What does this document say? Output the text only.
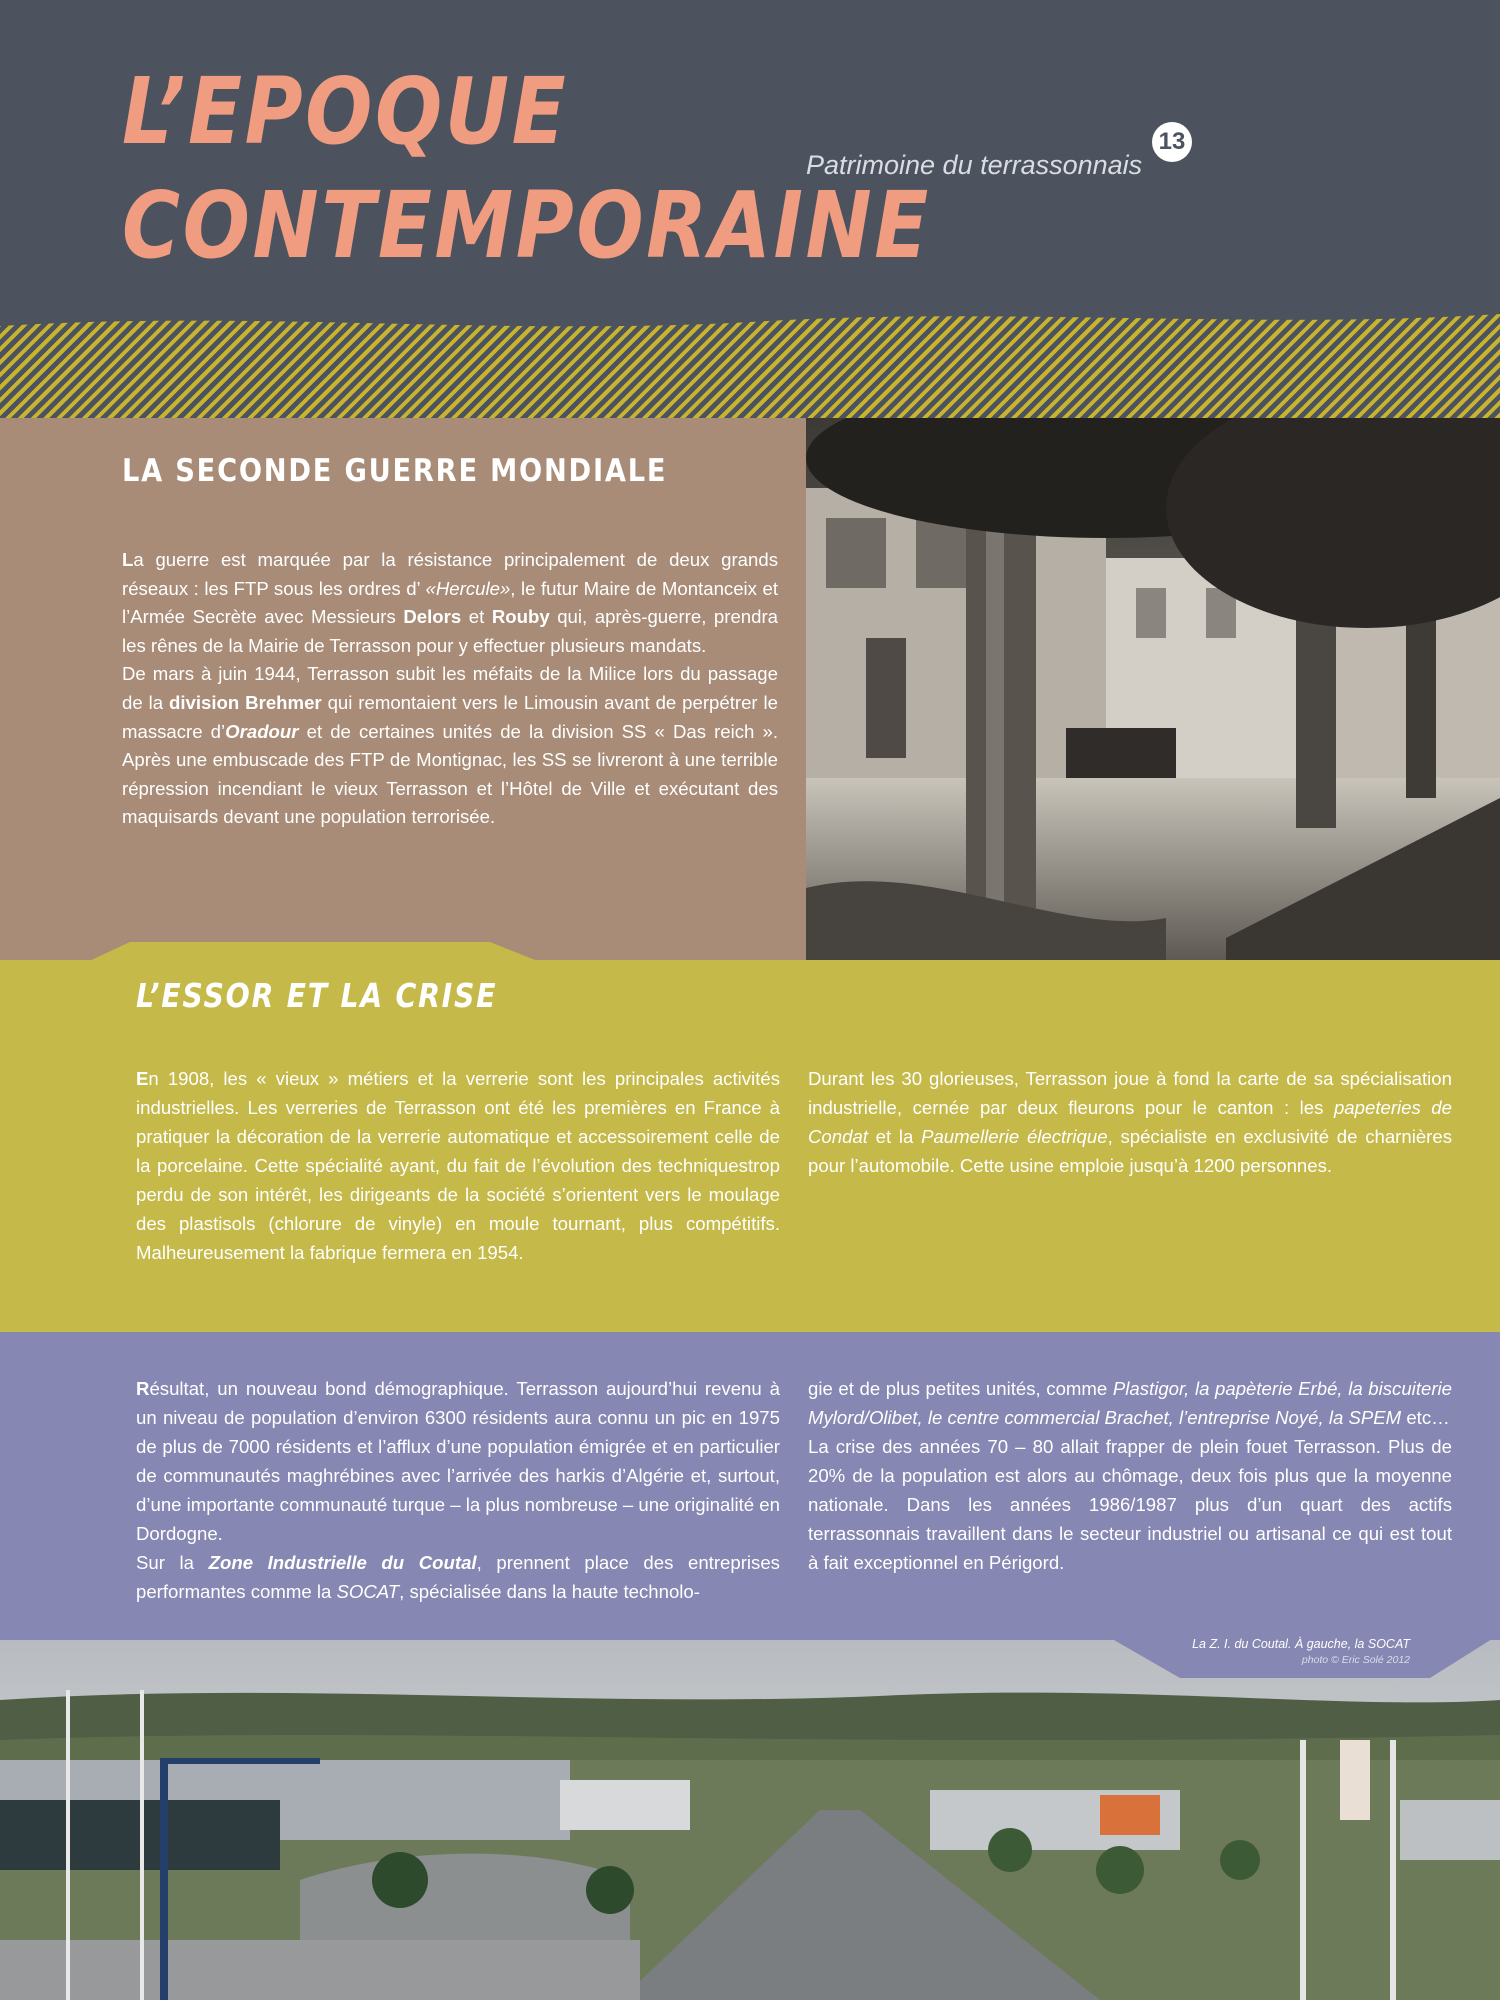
L’EPOQUE
CONTEMPORAINE
Patrimoine du terrassonnais
13
LA SECONDE GUERRE MONDIALE

La guerre est marquée par la résistance principalement de deux grands réseaux : les FTP sous les ordres d’ «Hercule», le futur Maire de Montanceix et l’Armée Secrète avec Messieurs Delors et Rouby qui, après-guerre, prendra les rênes de la Mairie de Terrasson pour y effectuer plusieurs mandats.

De mars à juin 1944, Terrasson subit les méfaits de la Milice lors du passage de la division Brehmer qui remontaient vers le Limousin avant de perpétrer le massacre d’Oradour et de certaines unités de la division SS « Das reich ». Après une embuscade des FTP de Montignac, les SS se livreront à une terrible répression incendiant le vieux Terrasson et l’Hôtel de Ville et exécutant des maquisards devant une population terrorisée.

L’ESSOR ET LA CRISE
En 1908, les « vieux » métiers et la verrerie sont les principales activités industrielles. Les verreries de Terrasson ont été les premières en France à pratiquer la décoration de la verrerie automatique et accessoirement celle de la porcelaine. Cette spécialité ayant, du fait de l’évolution des techniquestrop perdu de son intérêt, les dirigeants de la société s’orientent vers le moulage des plastisols (chlorure de vinyle) en moule tournant, plus compétitifs. Malheureusement la fabrique fermera en 1954.
Durant les 30 glorieuses, Terrasson joue à fond la carte de sa spécialisation industrielle, cernée par deux fleurons pour le canton : les papeteries de Condat et la Paumellerie électrique, spécialiste en exclusivité de charnières pour l’automobile. Cette usine emploie jusqu’à 1200 personnes.
Résultat, un nouveau bond démographique. Terrasson aujourd’hui revenu à un niveau de population d’environ 6300 résidents aura connu un pic en 1975 de plus de 7000 résidents et l’afflux d’une population émigrée et en particulier de communautés maghrébines avec l’arrivée des harkis d’Algérie et, surtout, d’une importante communauté turque – la plus nombreuse – une originalité en Dordogne.
Sur la Zone Industrielle du Coutal, prennent place des entreprises performantes comme la SOCAT, spécialisée dans la haute technolo-
gie et de plus petites unités, comme Plastigor, la papèterie Erbé, la biscuiterie Mylord/Olibet, le centre commercial Brachet, l’entreprise Noyé, la SPEM etc…
La crise des années 70 – 80 allait frapper de plein fouet Terrasson. Plus de 20% de la population est alors au chômage, deux fois plus que la moyenne nationale. Dans les années 1986/1987 plus d’un quart des actifs terrassonnais travaillent dans le secteur industriel ou artisanal ce qui est tout à fait exceptionnel en Périgord.
La Z. I. du Coutal. À gauche, la SOCAT
photo © Eric Solé 2012
